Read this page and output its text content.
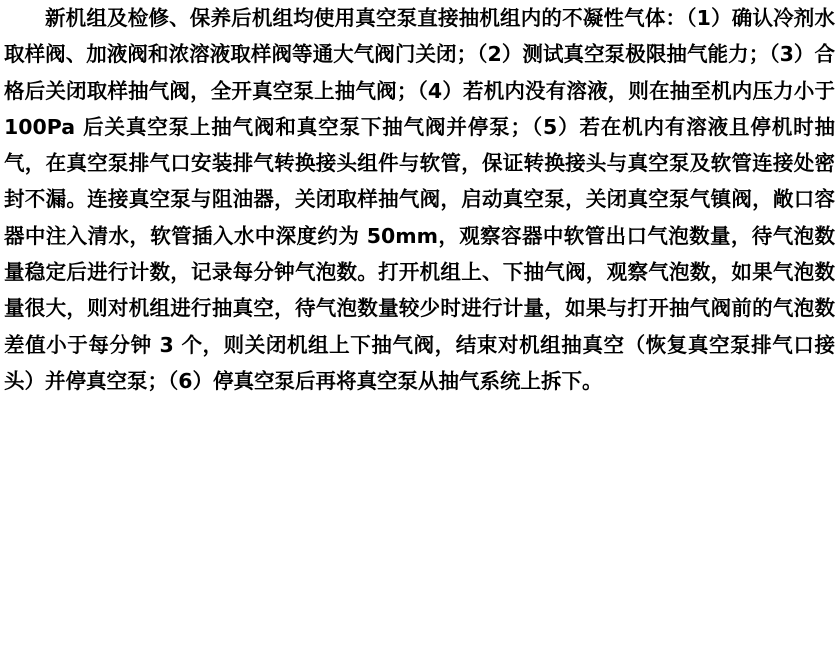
新机组及检修、保养后机组均使用真空泵直接抽机组内的不凝性气体：（1）确认冷剂水取样阀、加液阀和浓溶液取样阀等通大气阀门关闭；（2）测试真空泵极限抽气能力；（3）合格后关闭取样抽气阀，全开真空泵上抽气阀；（4）若机内没有溶液，则在抽至机内压力小于 100Pa 后关真空泵上抽气阀和真空泵下抽气阀并停泵；（5）若在机内有溶液且停机时抽气，在真空泵排气口安装排气转换接头组件与软管，保证转换接头与真空泵及软管连接处密封不漏。连接真空泵与阻油器，关闭取样抽气阀，启动真空泵，关闭真空泵气镇阀，敞口容器中注入清水，软管插入水中深度约为 50mm，观察容器中软管出口气泡数量，待气泡数量稳定后进行计数，记录每分钟气泡数。打开机组上、下抽气阀，观察气泡数，如果气泡数量很大，则对机组进行抽真空，待气泡数量较少时进行计量，如果与打开抽气阀前的气泡数差值小于每分钟 3 个，则关闭机组上下抽气阀，结束对机组抽真空（恢复真空泵排气口接头）并停真空泵；（6）停真空泵后再将真空泵从抽气系统上拆下。
